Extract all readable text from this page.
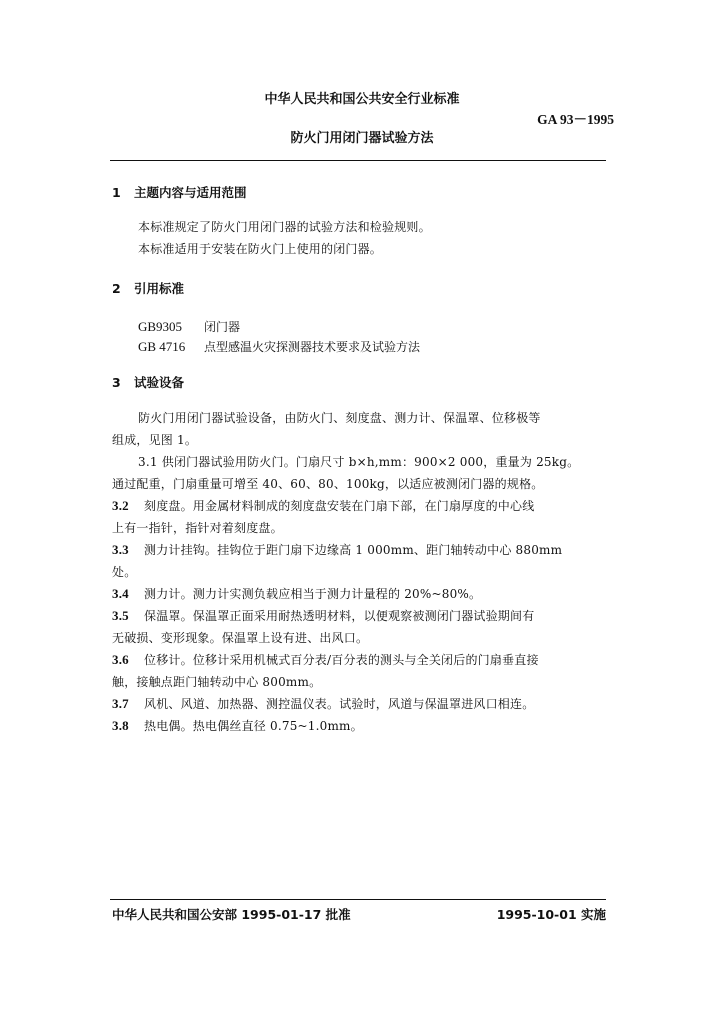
中华人民共和国公共安全行业标准
GA 93－1995
防火门用闭门器试验方法
1 主题内容与适用范围
本标准规定了防火门用闭门器的试验方法和检验规则。
本标准适用于安装在防火门上使用的闭门器。
2 引用标准
GB9305 闭门器
GB 4716 点型感温火灾探测器技术要求及试验方法
3 试验设备
防火门用闭门器试验设备，由防火门、刻度盘、测力计、保温罩、位移极等
组成，见图 1。
3.1 供闭门器试验用防火门。门扇尺寸 b×h,mm：900×2 000，重量为 25kg。
通过配重，门扇重量可增至 40、60、80、100kg，以适应被测闭门器的规格。
3.2 刻度盘。用金属材料制成的刻度盘安装在门扇下部，在门扇厚度的中心线
上有一指针，指针对着刻度盘。
3.3 测力计挂钩。挂钩位于距门扇下边缘高 1 000mm、距门轴转动中心 880mm
处。
3.4 测力计。测力计实测负载应相当于测力计量程的 20%~80%。
3.5 保温罩。保温罩正面采用耐热透明材料，以便观察被测闭门器试验期间有
无破损、变形现象。保温罩上设有进、出风口。
3.6 位移计。位移计采用机械式百分表/百分表的测头与全关闭后的门扇垂直接
触，接触点距门轴转动中心 800mm。
3.7 风机、风道、加热器、测控温仪表。试验时，风道与保温罩进风口相连。
3.8 热电偶。热电偶丝直径 0.75~1.0mm。
中华人民共和国公安部 1995-01-17 批准	1995-10-01 实施
